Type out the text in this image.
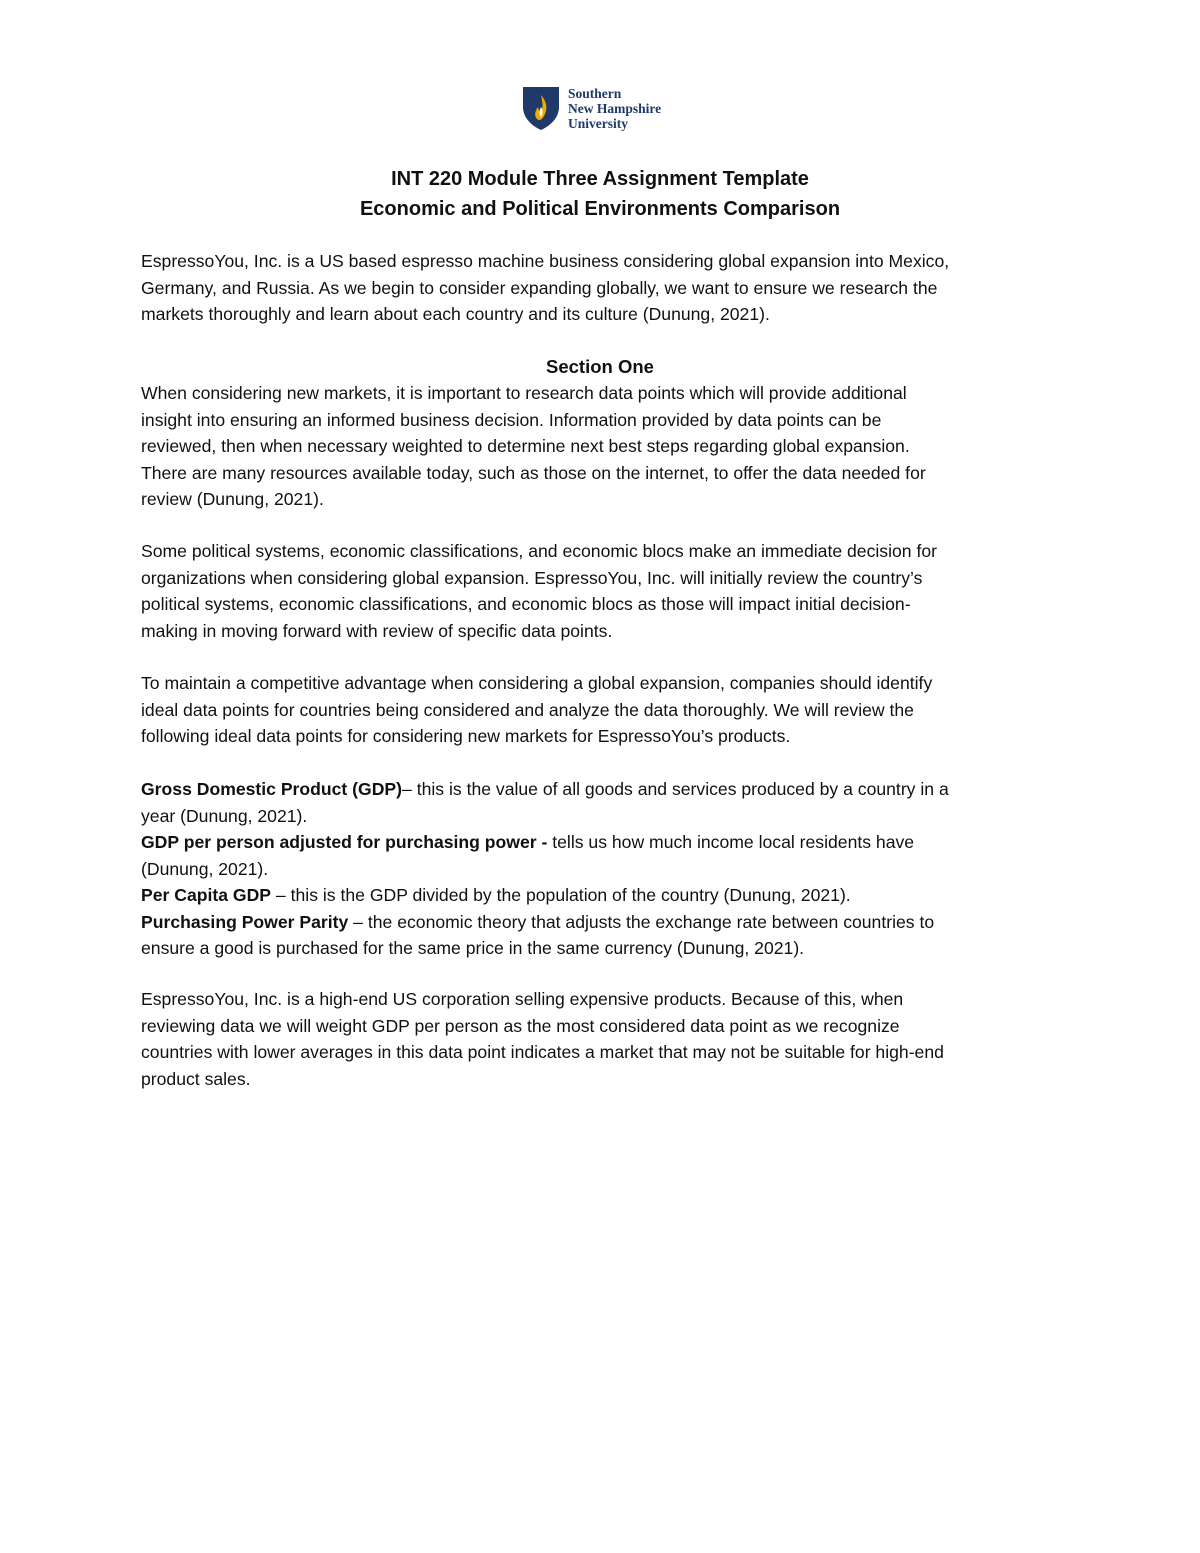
Southern
New Hampshire
University
INT 220 Module Three Assignment Template
Economic and Political Environments Comparison
EspressoYou, Inc. is a US based espresso machine business considering global expansion into Mexico,
Germany, and Russia. As we begin to consider expanding globally, we want to ensure we research the
markets thoroughly and learn about each country and its culture (Dunung, 2021).
Section One
When considering new markets, it is important to research data points which will provide additional
insight into ensuring an informed business decision. Information provided by data points can be
reviewed, then when necessary weighted to determine next best steps regarding global expansion.
There are many resources available today, such as those on the internet, to offer the data needed for
review (Dunung, 2021).
Some political systems, economic classifications, and economic blocs make an immediate decision for
organizations when considering global expansion. EspressoYou, Inc. will initially review the country’s
political systems, economic classifications, and economic blocs as those will impact initial decision-
making in moving forward with review of specific data points.
To maintain a competitive advantage when considering a global expansion, companies should identify
ideal data points for countries being considered and analyze the data thoroughly. We will review the
following ideal data points for considering new markets for EspressoYou’s products.
Gross Domestic Product (GDP)– this is the value of all goods and services produced by a country in a
year (Dunung, 2021).
GDP per person adjusted for purchasing power - tells us how much income local residents have
(Dunung, 2021).
Per Capita GDP – this is the GDP divided by the population of the country (Dunung, 2021).
Purchasing Power Parity – the economic theory that adjusts the exchange rate between countries to
ensure a good is purchased for the same price in the same currency (Dunung, 2021).
EspressoYou, Inc. is a high-end US corporation selling expensive products. Because of this, when
reviewing data we will weight GDP per person as the most considered data point as we recognize
countries with lower averages in this data point indicates a market that may not be suitable for high-end
product sales.
